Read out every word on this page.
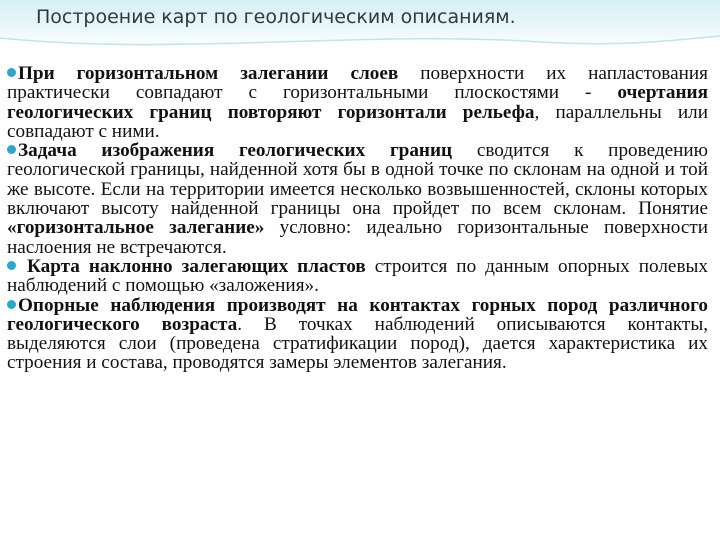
Построение карт по геологическим описаниям.

При горизонтальном залегании слоев поверхности их напластования практически совпадают с горизонтальными плоскостями - очертания геологических границ повторяют горизонтали рельефа, параллельны или совпадают с ними.

Задача изображения геологических границ сводится к проведению геологической границы, найденной хотя бы в одной точке по склонам на одной и той же высоте. Если на территории имеется несколько возвышенностей, склоны которых включают высоту найденной границы она пройдет по всем склонам. Понятие «горизонтальное залегание» условно: идеально горизонтальные поверхности наслоения не встречаются.

Карта наклонно залегающих пластов строится по данным опорных полевых наблюдений с помощью «заложения».

Опорные наблюдения производят на контактах горных пород различного геологического возраста. В точках наблюдений описываются контакты, выделяются слои (проведена стратификации пород), дается характеристика их строения и состава, проводятся замеры элементов залегания.
